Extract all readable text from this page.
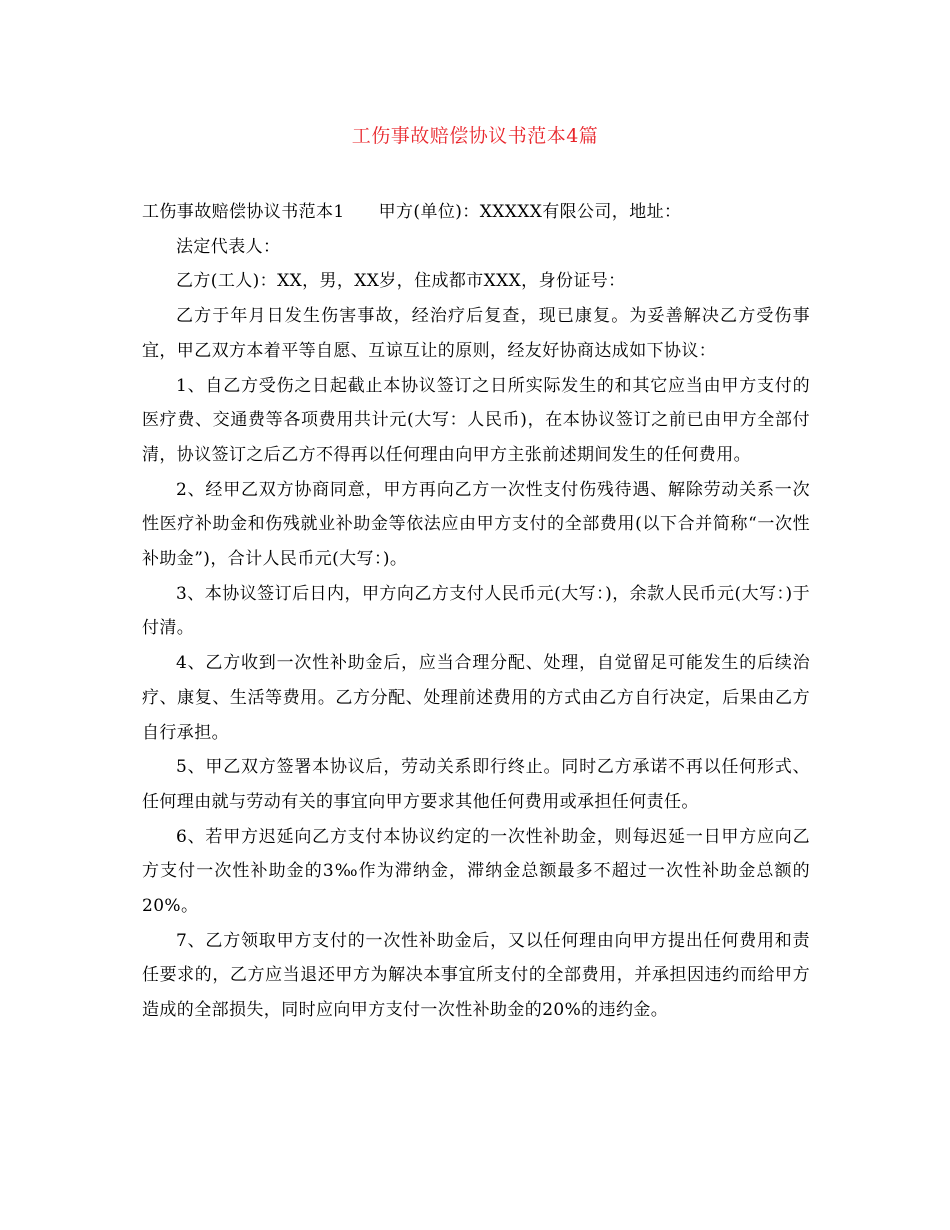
工伤事故赔偿协议书范本4篇

工伤事故赔偿协议书范本1 甲方(单位)：XXXXX有限公司，地址：

法定代表人：

乙方(工人)：XX，男，XX岁，住成都市XXX，身份证号：

乙方于年月日发生伤害事故，经治疗后复查，现已康复。为妥善解决乙方受伤事宜，甲乙双方本着平等自愿、互谅互让的原则，经友好协商达成如下协议：

1、自乙方受伤之日起截止本协议签订之日所实际发生的和其它应当由甲方支付的医疗费、交通费等各项费用共计元(大写：人民币)，在本协议签订之前已由甲方全部付清，协议签订之后乙方不得再以任何理由向甲方主张前述期间发生的任何费用。

2、经甲乙双方协商同意，甲方再向乙方一次性支付伤残待遇、解除劳动关系一次性医疗补助金和伤残就业补助金等依法应由甲方支付的全部费用(以下合并简称“一次性补助金”)，合计人民币元(大写：)。

3、本协议签订后日内，甲方向乙方支付人民币元(大写：)，余款人民币元(大写：)于付清。

4、乙方收到一次性补助金后，应当合理分配、处理，自觉留足可能发生的后续治疗、康复、生活等费用。乙方分配、处理前述费用的方式由乙方自行决定，后果由乙方自行承担。

5、甲乙双方签署本协议后，劳动关系即行终止。同时乙方承诺不再以任何形式、任何理由就与劳动有关的事宜向甲方要求其他任何费用或承担任何责任。

6、若甲方迟延向乙方支付本协议约定的一次性补助金，则每迟延一日甲方应向乙方支付一次性补助金的3‰作为滞纳金，滞纳金总额最多不超过一次性补助金总额的20%。

7、乙方领取甲方支付的一次性补助金后，又以任何理由向甲方提出任何费用和责任要求的，乙方应当退还甲方为解决本事宜所支付的全部费用，并承担因违约而给甲方造成的全部损失，同时应向甲方支付一次性补助金的20%的违约金。
